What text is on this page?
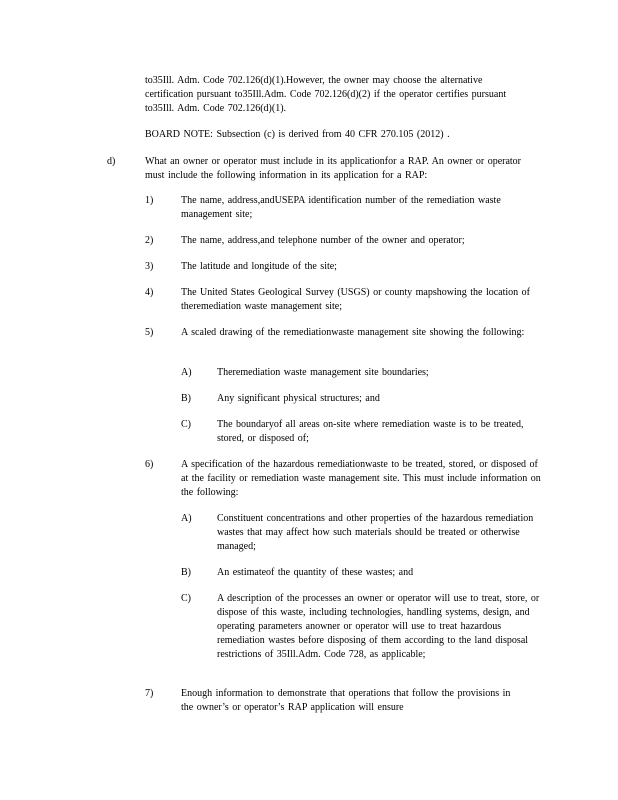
to35Ill. Adm. Code 702.126(d)(1).However, the owner may choose the alternative certification pursuant to35Ill.Adm. Code 702.126(d)(2) if the operator certifies pursuant to35Ill. Adm. Code 702.126(d)(1).

BOARD NOTE: Subsection (c) is derived from 40 CFR 270.105 (2012) .

d)	What an owner or operator must include in its applicationfor a RAP. An owner or operator must include the following information in its application for a RAP:

1)	The name, address,andUSEPA identification number of the remediation waste management site;

2)	The name, address,and telephone number of the owner and operator;

3)	The latitude and longitude of the site;

4)	The United States Geological Survey (USGS) or county mapshowing the location of theremediation waste management site;

5)	A scaled drawing of the remediationwaste management site showing the following:

A)	Theremediation waste management site boundaries;

B)	Any significant physical structures; and

C)	The boundaryof all areas on-site where remediation waste is to be treated, stored, or disposed of;

6)	A specification of the hazardous remediationwaste to be treated, stored, or disposed of at the facility or remediation waste management site. This must include information on the following:

A)	Constituent concentrations and other properties of the hazardous remediation wastes that may affect how such materials should be treated or otherwise managed;

B)	An estimateof the quantity of these wastes; and

C)	A description of the processes an owner or operator will use to treat, store, or dispose of this waste, including technologies, handling systems, design, and operating parameters anowner or operator will use to treat hazardous remediation wastes before disposing of them according to the land disposal restrictions of 35Ill.Adm. Code 728, as applicable;

7)	Enough information to demonstrate that operations that follow the provisions in the owner’s or operator’s RAP application will ensure
